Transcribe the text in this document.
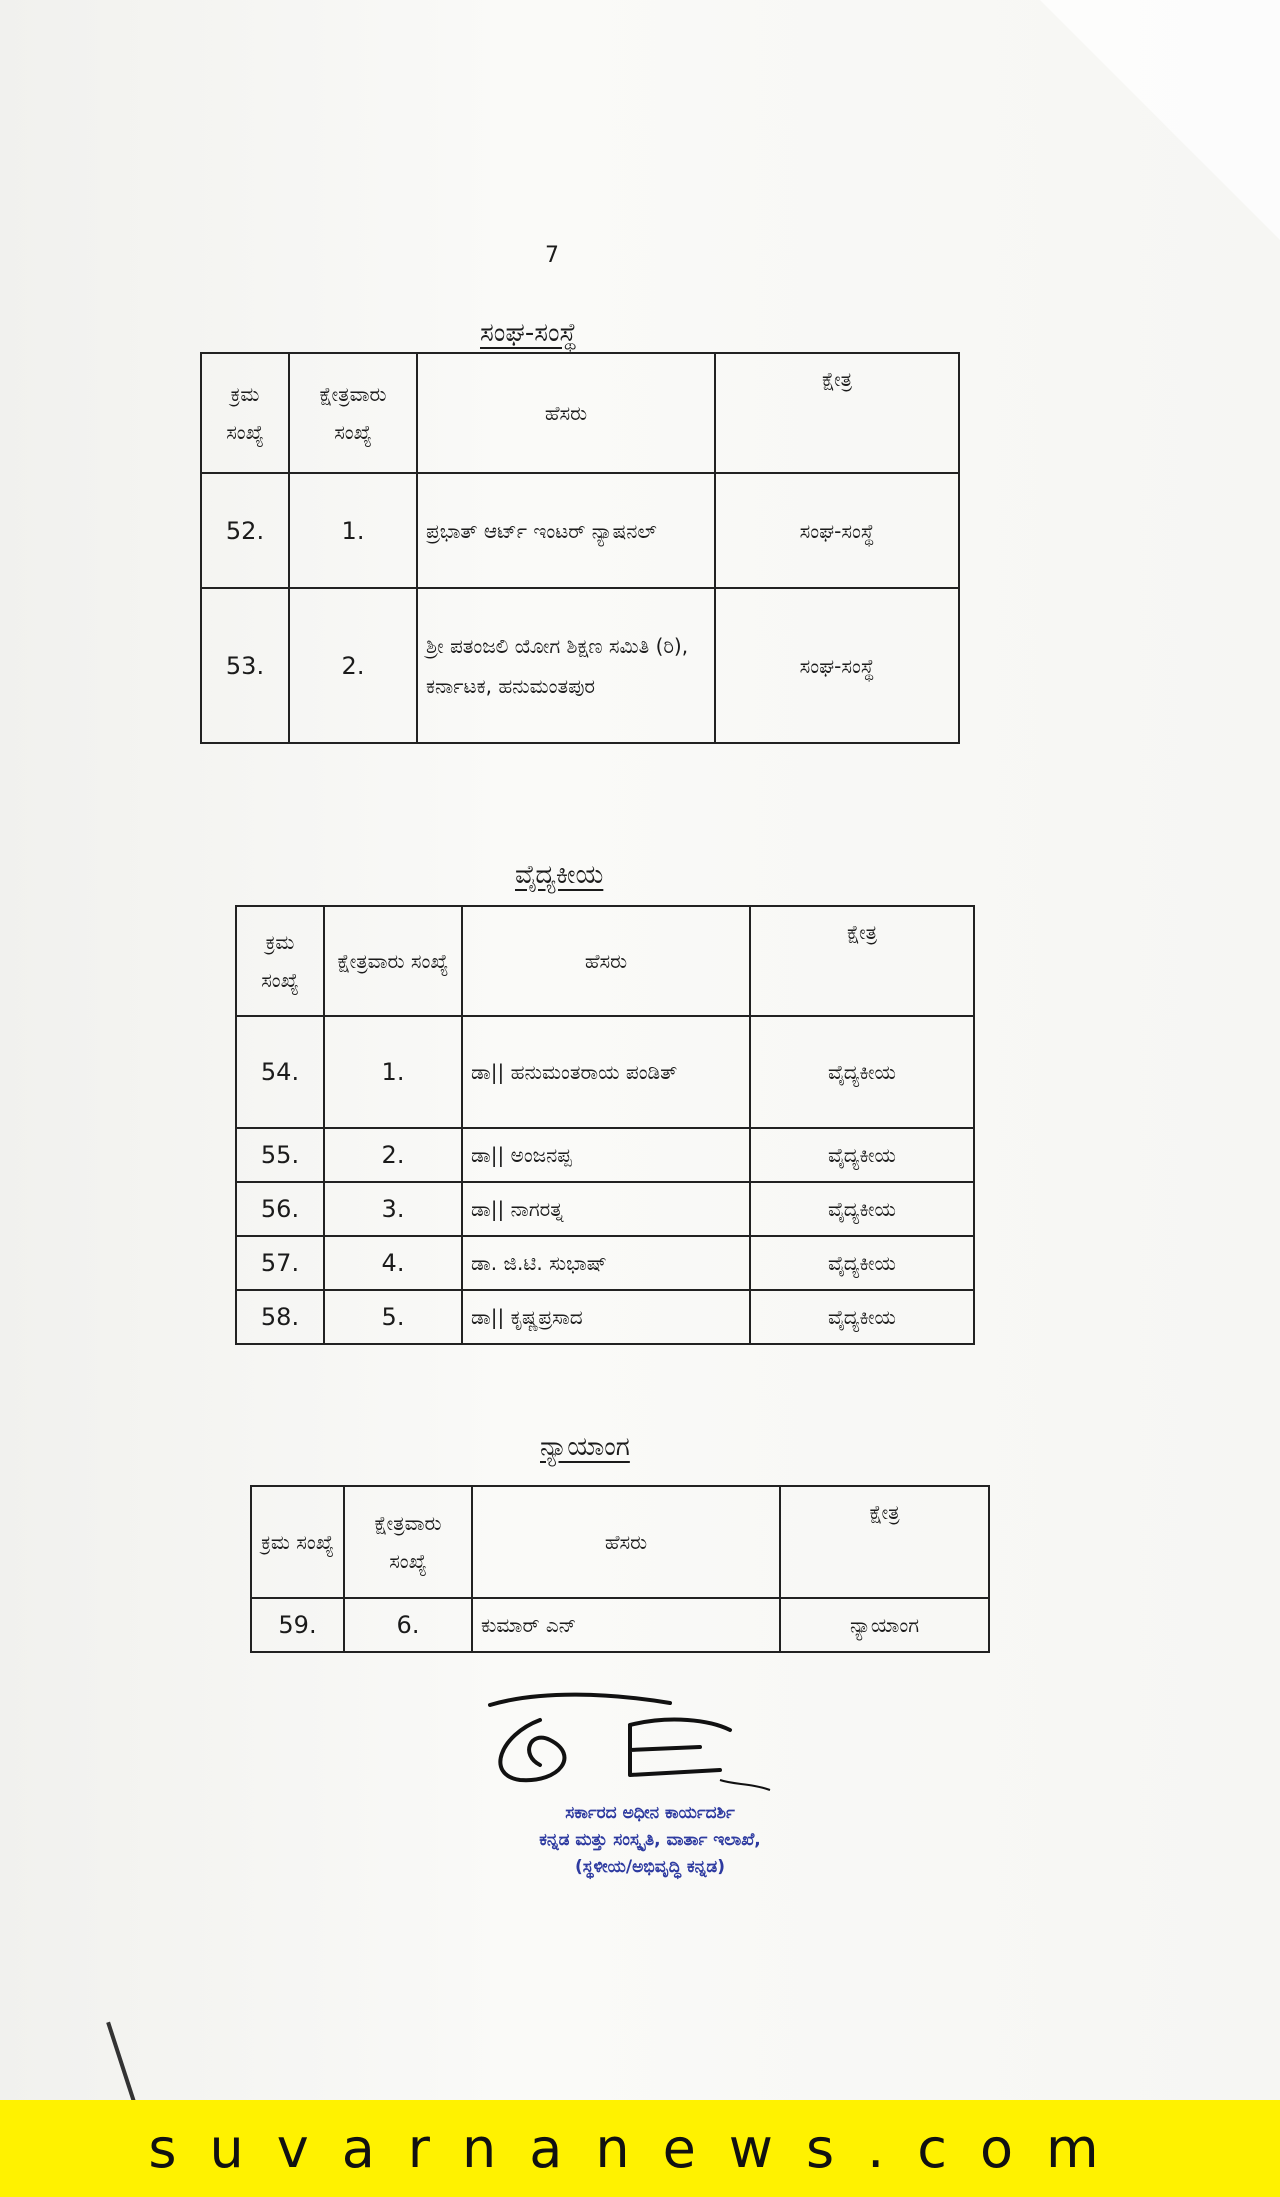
7
ಸಂಘ-ಸಂಸ್ಥೆ
ಕ್ರಮ ಸಂಖ್ಯೆ	ಕ್ಷೇತ್ರವಾರು ಸಂಖ್ಯೆ	ಹೆಸರು	ಕ್ಷೇತ್ರ
52.	1.	ಪ್ರಭಾತ್ ಆರ್ಟ್ ಇಂಟರ್ ನ್ಯಾಷನಲ್	ಸಂಘ-ಸಂಸ್ಥೆ
53.	2.	ಶ್ರೀ ಪತಂಜಲಿ ಯೋಗ ಶಿಕ್ಷಣ ಸಮಿತಿ (ರಿ), ಕರ್ನಾಟಕ, ಹನುಮಂತಪುರ	ಸಂಘ-ಸಂಸ್ಥೆ
ವೈದ್ಯಕೀಯ
ಕ್ರಮ ಸಂಖ್ಯೆ	ಕ್ಷೇತ್ರವಾರು ಸಂಖ್ಯೆ	ಹೆಸರು	ಕ್ಷೇತ್ರ
54.	1.	ಡಾ|| ಹನುಮಂತರಾಯ ಪಂಡಿತ್	ವೈದ್ಯಕೀಯ
55.	2.	ಡಾ|| ಅಂಜನಪ್ಪ	ವೈದ್ಯಕೀಯ
56.	3.	ಡಾ|| ನಾಗರತ್ನ	ವೈದ್ಯಕೀಯ
57.	4.	ಡಾ. ಜಿ.ಟಿ. ಸುಭಾಷ್	ವೈದ್ಯಕೀಯ
58.	5.	ಡಾ|| ಕೃಷ್ಣಪ್ರಸಾದ	ವೈದ್ಯಕೀಯ
ನ್ಯಾಯಾಂಗ
ಕ್ರಮ ಸಂಖ್ಯೆ	ಕ್ಷೇತ್ರವಾರು ಸಂಖ್ಯೆ	ಹೆಸರು	ಕ್ಷೇತ್ರ
59.	6.	ಕುಮಾರ್ ಎನ್	ನ್ಯಾಯಾಂಗ
ಸರ್ಕಾರದ ಅಧೀನ ಕಾರ್ಯದರ್ಶಿ
ಕನ್ನಡ ಮತ್ತು ಸಂಸ್ಕೃತಿ, ವಾರ್ತಾ ಇಲಾಖೆ,
(ಸ್ಥಳೀಯ/ಅಭಿವೃದ್ಧಿ ಕನ್ನಡ)
suvarnanews.com
